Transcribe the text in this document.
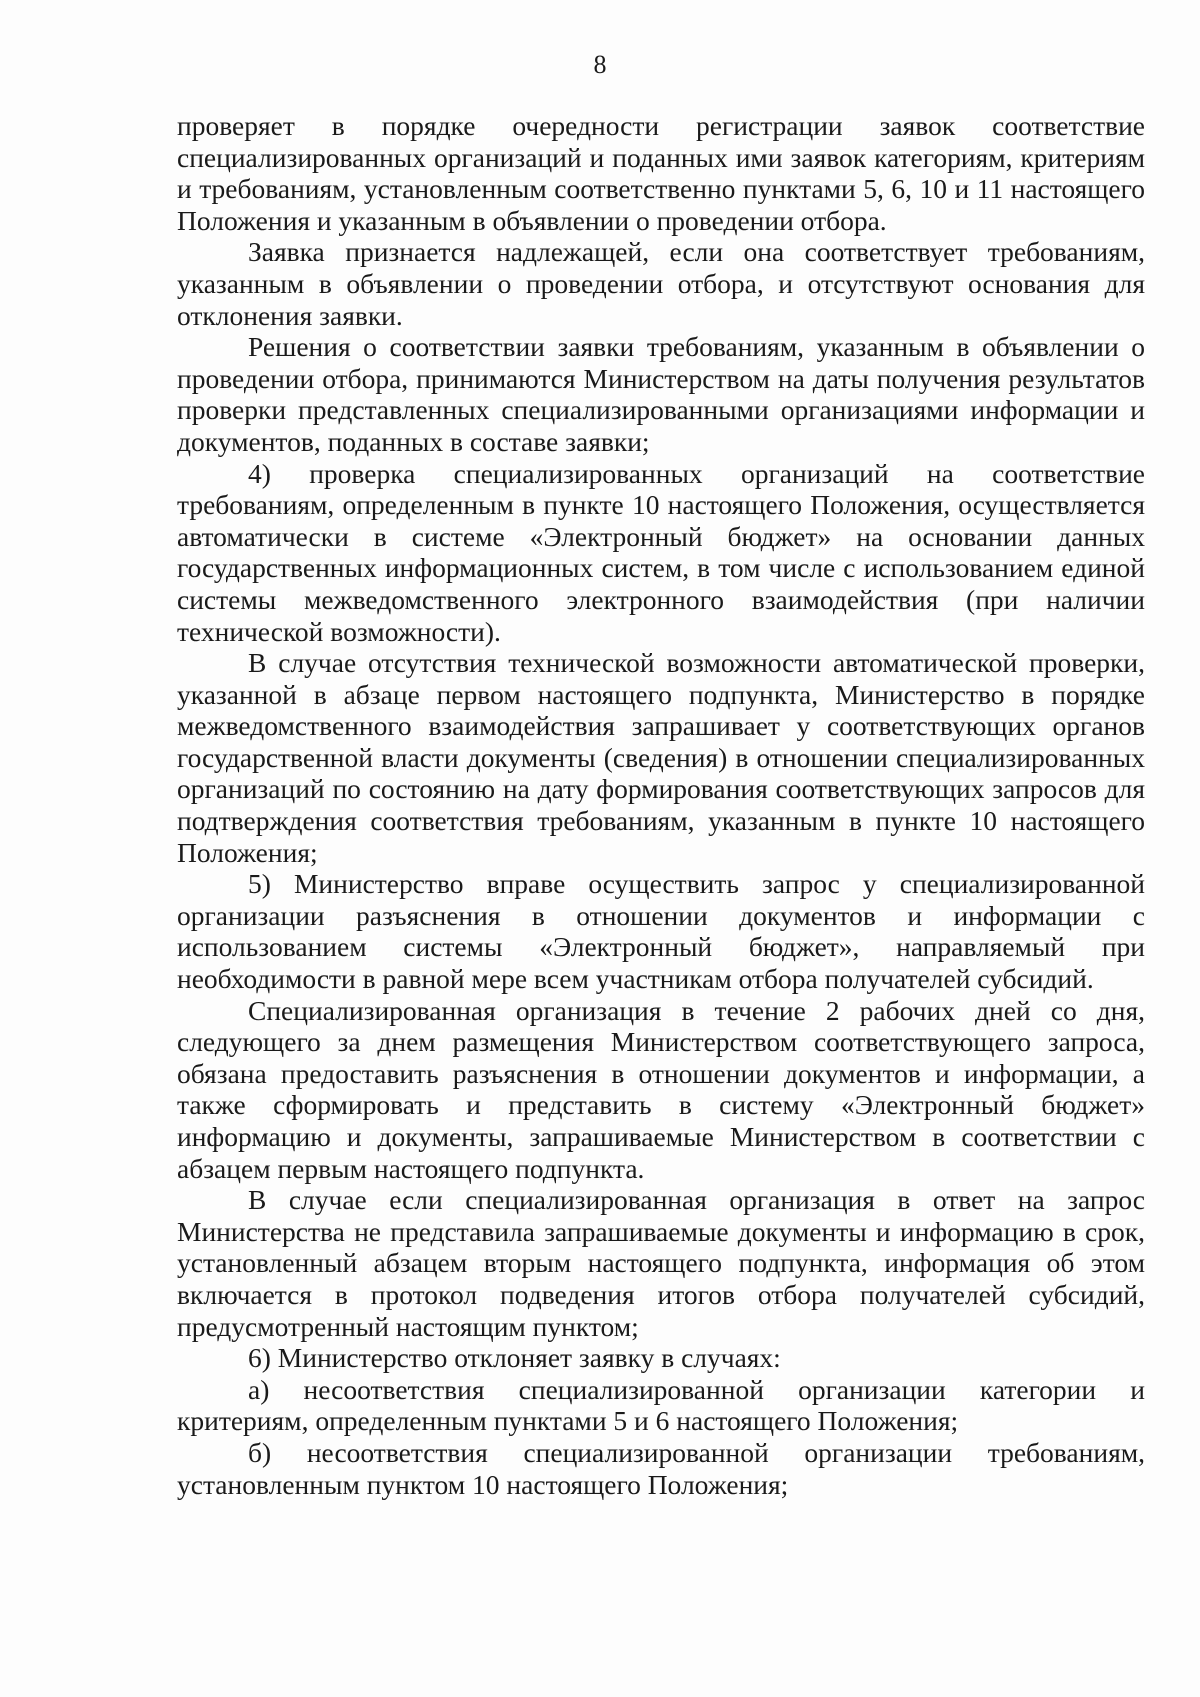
8

проверяет в порядке очередности регистрации заявок соответствие специализированных организаций и поданных ими заявок категориям, критериям и требованиям, установленным соответственно пунктами 5, 6, 10 и 11 настоящего Положения и указанным в объявлении о проведении отбора.

Заявка признается надлежащей, если она соответствует требованиям, указанным в объявлении о проведении отбора, и отсутствуют основания для отклонения заявки.

Решения о соответствии заявки требованиям, указанным в объявлении о проведении отбора, принимаются Министерством на даты получения результатов проверки представленных специализированными организациями информации и документов, поданных в составе заявки;

4) проверка специализированных организаций на соответствие требованиям, определенным в пункте 10 настоящего Положения, осуществляется автоматически в системе «Электронный бюджет» на основании данных государственных информационных систем, в том числе с использованием единой системы межведомственного электронного взаимодействия (при наличии технической возможности).

В случае отсутствия технической возможности автоматической проверки, указанной в абзаце первом настоящего подпункта, Министерство в порядке межведомственного взаимодействия запрашивает у соответствующих органов государственной власти документы (сведения) в отношении специализированных организаций по состоянию на дату формирования соответствующих запросов для подтверждения соответствия требованиям, указанным в пункте 10 настоящего Положения;

5) Министерство вправе осуществить запрос у специализированной организации разъяснения в отношении документов и информации с использованием системы «Электронный бюджет», направляемый при необходимости в равной мере всем участникам отбора получателей субсидий.

Специализированная организация в течение 2 рабочих дней со дня, следующего за днем размещения Министерством соответствующего запроса, обязана предоставить разъяснения в отношении документов и информации, а также сформировать и представить в систему «Электронный бюджет» информацию и документы, запрашиваемые Министерством в соответствии с абзацем первым настоящего подпункта.

В случае если специализированная организация в ответ на запрос Министерства не представила запрашиваемые документы и информацию в срок, установленный абзацем вторым настоящего подпункта, информация об этом включается в протокол подведения итогов отбора получателей субсидий, предусмотренный настоящим пунктом;

6) Министерство отклоняет заявку в случаях:

а) несоответствия специализированной организации категории и критериям, определенным пунктами 5 и 6 настоящего Положения;

б) несоответствия специализированной организации требованиям, установленным пунктом 10 настоящего Положения;
